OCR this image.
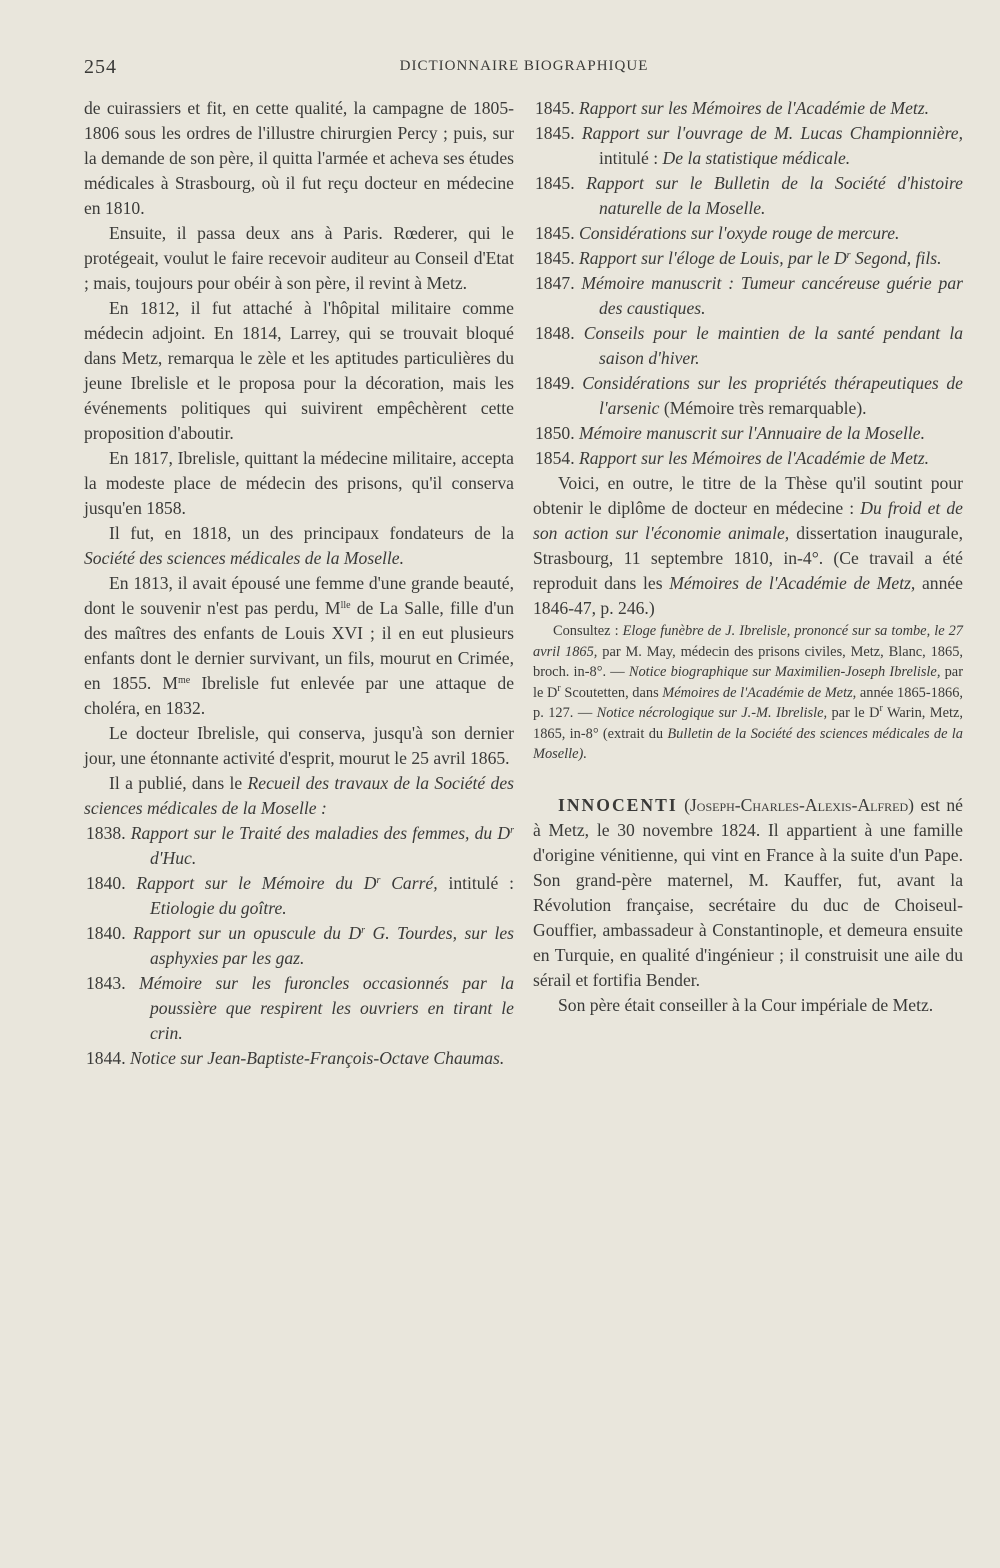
254	DICTIONNAIRE BIOGRAPHIQUE

de cuirassiers et fit, en cette qualité, la campagne de 1805-1806 sous les ordres de l'illustre chirurgien Percy ; puis, sur la demande de son père, il quitta l'armée et acheva ses études médicales à Strasbourg, où il fut reçu docteur en médecine en 1810.

Ensuite, il passa deux ans à Paris. Rœderer, qui le protégeait, voulut le faire recevoir auditeur au Conseil d'Etat ; mais, toujours pour obéir à son père, il revint à Metz.

En 1812, il fut attaché à l'hôpital militaire comme médecin adjoint. En 1814, Larrey, qui se trouvait bloqué dans Metz, remarqua le zèle et les aptitudes particulières du jeune Ibrelisle et le proposa pour la décoration, mais les événements politiques qui suivirent empêchèrent cette proposition d'aboutir.

En 1817, Ibrelisle, quittant la médecine militaire, accepta la modeste place de médecin des prisons, qu'il conserva jusqu'en 1858.

Il fut, en 1818, un des principaux fondateurs de la Société des sciences médicales de la Moselle.

En 1813, il avait épousé une femme d'une grande beauté, dont le souvenir n'est pas perdu, $M^{lle}$ de La Salle, fille d'un des maîtres des enfants de Louis XVI ; il en eut plusieurs enfants dont le dernier survivant, un fils, mourut en Crimée, en 1855. $M^{me}$ Ibrelisle fut enlevée par une attaque de choléra, en 1832.

Le docteur Ibrelisle, qui conserva, jusqu'à son dernier jour, une étonnante activité d'esprit, mourut le 25 avril 1865.

Il a publié, dans le Recueil des travaux de la Société des sciences médicales de la Moselle :

1838. Rapport sur le Traité des maladies des femmes, du $D^r$ d'Huc.

1840. Rapport sur le Mémoire du $D^r$ Carré, intitulé : Etiologie du goître.

1840. Rapport sur un opuscule du $D^r$ G. Tourdes, sur les asphyxies par les gaz.

1843. Mémoire sur les furoncles occasionnés par la poussière que respirent les ouvriers en tirant le crin.

1844. Notice sur Jean-Baptiste-François-Octave Chaumas.

1845. Rapport sur les Mémoires de l'Académie de Metz.

1845. Rapport sur l'ouvrage de M. Lucas Championnière, intitulé : De la statistique médicale.

1845. Rapport sur le Bulletin de la Société d'histoire naturelle de la Moselle.

1845. Considérations sur l'oxyde rouge de mercure.

1845. Rapport sur l'éloge de Louis, par le $D^r$ Segond, fils.

1847. Mémoire manuscrit : Tumeur cancéreuse guérie par des caustiques.

1848. Conseils pour le maintien de la santé pendant la saison d'hiver.

1849. Considérations sur les propriétés thérapeutiques de l'arsenic (Mémoire très remarquable).

1850. Mémoire manuscrit sur l'Annuaire de la Moselle.

1854. Rapport sur les Mémoires de l'Académie de Metz.

Voici, en outre, le titre de la Thèse qu'il soutint pour obtenir le diplôme de docteur en médecine : Du froid et de son action sur l'économie animale, dissertation inaugurale, Strasbourg, 11 septembre 1810, in-4°. (Ce travail a été reproduit dans les Mémoires de l'Académie de Metz, année 1846-47, p. 246.)

Consultez : Eloge funèbre de J. Ibrelisle, prononcé sur sa tombe, le 27 avril 1865, par M. May, médecin des prisons civiles, Metz, Blanc, 1865, broch. in-8°. — Notice biographique sur Maximilien-Joseph Ibrelisle, par le $D^r$ Scoutetten, dans Mémoires de l'Académie de Metz, année 1865-1866, p. 127. — Notice nécrologique sur J.-M. Ibrelisle, par le $D^r$ Warin, Metz, 1865, in-8° (extrait du Bulletin de la Société des sciences médicales de la Moselle).

INNOCENTI (Joseph-Charles-Alexis-Alfred) est né à Metz, le 30 novembre 1824. Il appartient à une famille d'origine vénitienne, qui vint en France à la suite d'un Pape. Son grand-père maternel, M. Kauffer, fut, avant la Révolution française, secrétaire du duc de Choiseul-Gouffier, ambassadeur à Constantinople, et demeura ensuite en Turquie, en qualité d'ingénieur ; il construisit une aile du sérail et fortifia Bender.

Son père était conseiller à la Cour impériale de Metz.
